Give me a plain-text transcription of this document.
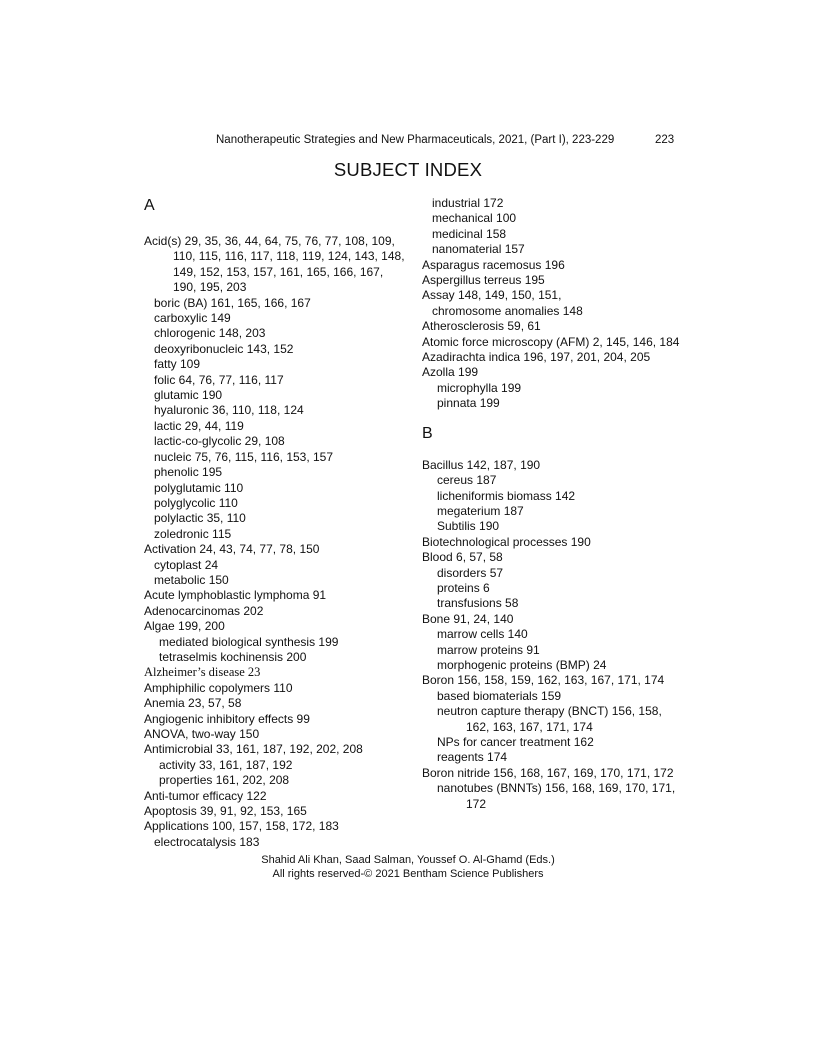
Nanotherapeutic Strategies and New Pharmaceuticals, 2021, (Part I), 223-229	223
SUBJECT INDEX
A

Acid(s) 29, 35, 36, 44, 64, 75, 76, 77, 108, 109, 110, 115, 116, 117, 118, 119, 124, 143, 148, 149, 152, 153, 157, 161, 165, 166, 167, 190, 195, 203

boric (BA) 161, 165, 166, 167

carboxylic 149

chlorogenic 148, 203

deoxyribonucleic 143, 152

fatty 109

folic 64, 76, 77, 116, 117

glutamic 190

hyaluronic 36, 110, 118, 124

lactic 29, 44, 119

lactic-co-glycolic 29, 108

nucleic 75, 76, 115, 116, 153, 157

phenolic 195

polyglutamic 110

polyglycolic 110

polylactic 35, 110

zoledronic 115

Activation 24, 43, 74, 77, 78, 150

cytoplast 24

metabolic 150

Acute lymphoblastic lymphoma 91

Adenocarcinomas 202

Algae 199, 200

mediated biological synthesis 199

tetraselmis kochinensis 200

Alzheimer’s disease 23

Amphiphilic copolymers 110

Anemia 23, 57, 58

Angiogenic inhibitory effects 99

ANOVA, two-way 150

Antimicrobial 33, 161, 187, 192, 202, 208

activity 33, 161, 187, 192

properties 161, 202, 208

Anti-tumor efficacy 122

Apoptosis 39, 91, 92, 153, 165

Applications 100, 157, 158, 172, 183

electrocatalysis 183

industrial 172

mechanical 100

medicinal 158

nanomaterial 157

Asparagus racemosus 196

Aspergillus terreus 195

Assay 148, 149, 150, 151,

chromosome anomalies 148

Atherosclerosis 59, 61

Atomic force microscopy (AFM) 2, 145, 146, 184

Azadirachta indica 196, 197, 201, 204, 205

Azolla 199

microphylla 199

pinnata 199

B

Bacillus 142, 187, 190

cereus 187

licheniformis biomass 142

megaterium 187

Subtilis 190

Biotechnological processes 190

Blood 6, 57, 58

disorders 57

proteins 6

transfusions 58

Bone 91, 24, 140

marrow cells 140

marrow proteins 91

morphogenic proteins (BMP) 24

Boron 156, 158, 159, 162, 163, 167, 171, 174

based biomaterials 159

neutron capture therapy (BNCT) 156, 158, 162, 163, 167, 171, 174

NPs for cancer treatment 162

reagents 174

Boron nitride 156, 168, 167, 169, 170, 171, 172

nanotubes (BNNTs) 156, 168, 169, 170, 171, 172

Shahid Ali Khan, Saad Salman, Youssef O. Al-Ghamd (Eds.)
All rights reserved-© 2021 Bentham Science Publishers
